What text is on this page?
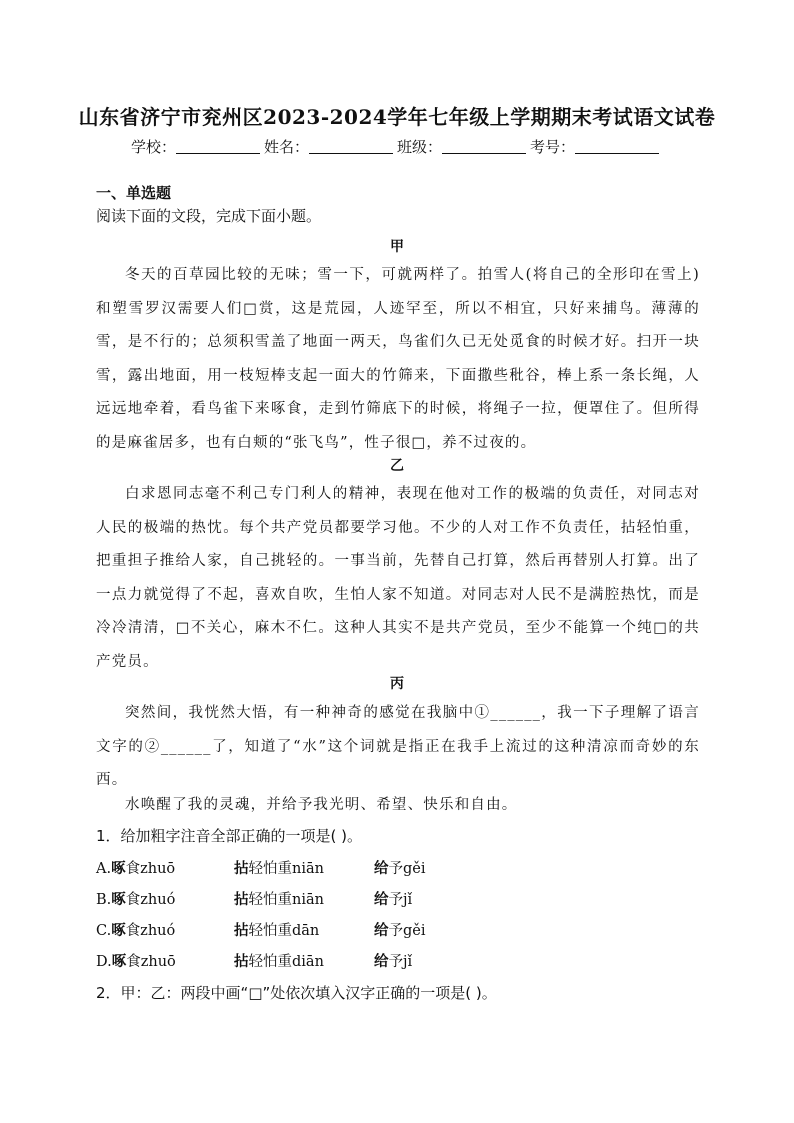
山东省济宁市兖州区2023-2024学年七年级上学期期末考试语文试卷
学校：	姓名：	班级：	考号：
一、单选题
阅读下面的文段，完成下面小题。
甲
冬天的百草园比较的无味；雪一下，可就两样了。拍雪人(将自己的全形印在雪上)和塑雪罗汉需要人们□赏，这是荒园，人迹罕至，所以不相宜，只好来捕鸟。薄薄的雪，是不行的；总须积雪盖了地面一两天，鸟雀们久已无处觅食的时候才好。扫开一块雪，露出地面，用一枝短棒支起一面大的竹筛来，下面撒些秕谷，棒上系一条长绳，人远远地牵着，看鸟雀下来啄食，走到竹筛底下的时候，将绳子一拉，便罩住了。但所得的是麻雀居多，也有白颊的“张飞鸟”，性子很□，养不过夜的。
乙
白求恩同志毫不利己专门利人的精神，表现在他对工作的极端的负责任，对同志对人民的极端的热忱。每个共产党员都要学习他。不少的人对工作不负责任，拈轻怕重，把重担子推给人家，自己挑轻的。一事当前，先替自己打算，然后再替别人打算。出了一点力就觉得了不起，喜欢自吹，生怕人家不知道。对同志对人民不是满腔热忱，而是冷冷清清，□不关心，麻木不仁。这种人其实不是共产党员，至少不能算一个纯□的共产党员。
丙
突然间，我恍然大悟，有一种神奇的感觉在我脑中①______，我一下子理解了语言文字的②______了，知道了“水”这个词就是指正在我手上流过的这种清凉而奇妙的东西。
水唤醒了我的灵魂，并给予我光明、希望、快乐和自由。
1．给加粗字注音全部正确的一项是( )。
A.啄食zhuō	拈轻怕重niān	给予gěi
B.啄食zhuó	拈轻怕重niān	给予jǐ
C.啄食zhuó	拈轻怕重dān	给予gěi
D.啄食zhuō	拈轻怕重diān	给予jǐ
2．甲：乙：两段中画“□”处依次填入汉字正确的一项是( )。
